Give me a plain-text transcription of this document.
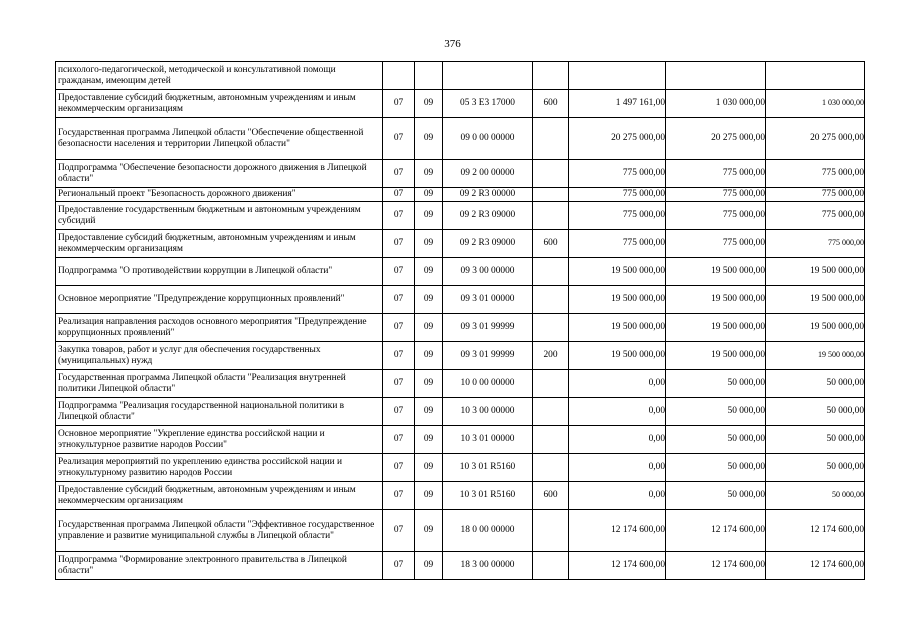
376
психолого-педагогической, методической и консультативной помощи гражданам, имеющим детей							
Предоставление субсидий бюджетным, автономным учреждениям и иным некоммерческим организациям	07	09	05 3 Е3 17000	600	1 497 161,00	1 030 000,00	1 030 000,00
Государственная программа Липецкой области "Обеспечение общественной безопасности населения и территории Липецкой области"	07	09	09 0 00 00000		20 275 000,00	20 275 000,00	20 275 000,00
Подпрограмма "Обеспечение безопасности дорожного движения в Липецкой области"	07	09	09 2 00 00000		775 000,00	775 000,00	775 000,00
Региональный проект "Безопасность дорожного движения"	07	09	09 2 R3 00000		775 000,00	775 000,00	775 000,00
Предоставление государственным бюджетным и автономным учреждениям субсидий	07	09	09 2 R3 09000		775 000,00	775 000,00	775 000,00
Предоставление субсидий бюджетным, автономным учреждениям и иным некоммерческим организациям	07	09	09 2 R3 09000	600	775 000,00	775 000,00	775 000,00
Подпрограмма "О противодействии коррупции в Липецкой области"	07	09	09 3 00 00000		19 500 000,00	19 500 000,00	19 500 000,00
Основное мероприятие "Предупреждение коррупционных проявлений"	07	09	09 3 01 00000		19 500 000,00	19 500 000,00	19 500 000,00
Реализация направления расходов основного мероприятия "Предупреждение коррупционных проявлений"	07	09	09 3 01 99999		19 500 000,00	19 500 000,00	19 500 000,00
Закупка товаров, работ и услуг для обеспечения государственных (муниципальных) нужд	07	09	09 3 01 99999	200	19 500 000,00	19 500 000,00	19 500 000,00
Государственная программа Липецкой области "Реализация внутренней политики Липецкой области"	07	09	10 0 00 00000		0,00	50 000,00	50 000,00
Подпрограмма "Реализация государственной национальной политики в Липецкой области"	07	09	10 3 00 00000		0,00	50 000,00	50 000,00
Основное мероприятие "Укрепление единства российской нации и этнокультурное развитие народов России"	07	09	10 3 01 00000		0,00	50 000,00	50 000,00
Реализация мероприятий по укреплению единства российской нации и этнокультурному развитию народов России	07	09	10 3 01 R5160		0,00	50 000,00	50 000,00
Предоставление субсидий бюджетным, автономным учреждениям и иным некоммерческим организациям	07	09	10 3 01 R5160	600	0,00	50 000,00	50 000,00
Государственная программа Липецкой области "Эффективное государственное управление и развитие муниципальной службы в Липецкой области"	07	09	18 0 00 00000		12 174 600,00	12 174 600,00	12 174 600,00
Подпрограмма "Формирование электронного правительства в Липецкой области"	07	09	18 3 00 00000		12 174 600,00	12 174 600,00	12 174 600,00
